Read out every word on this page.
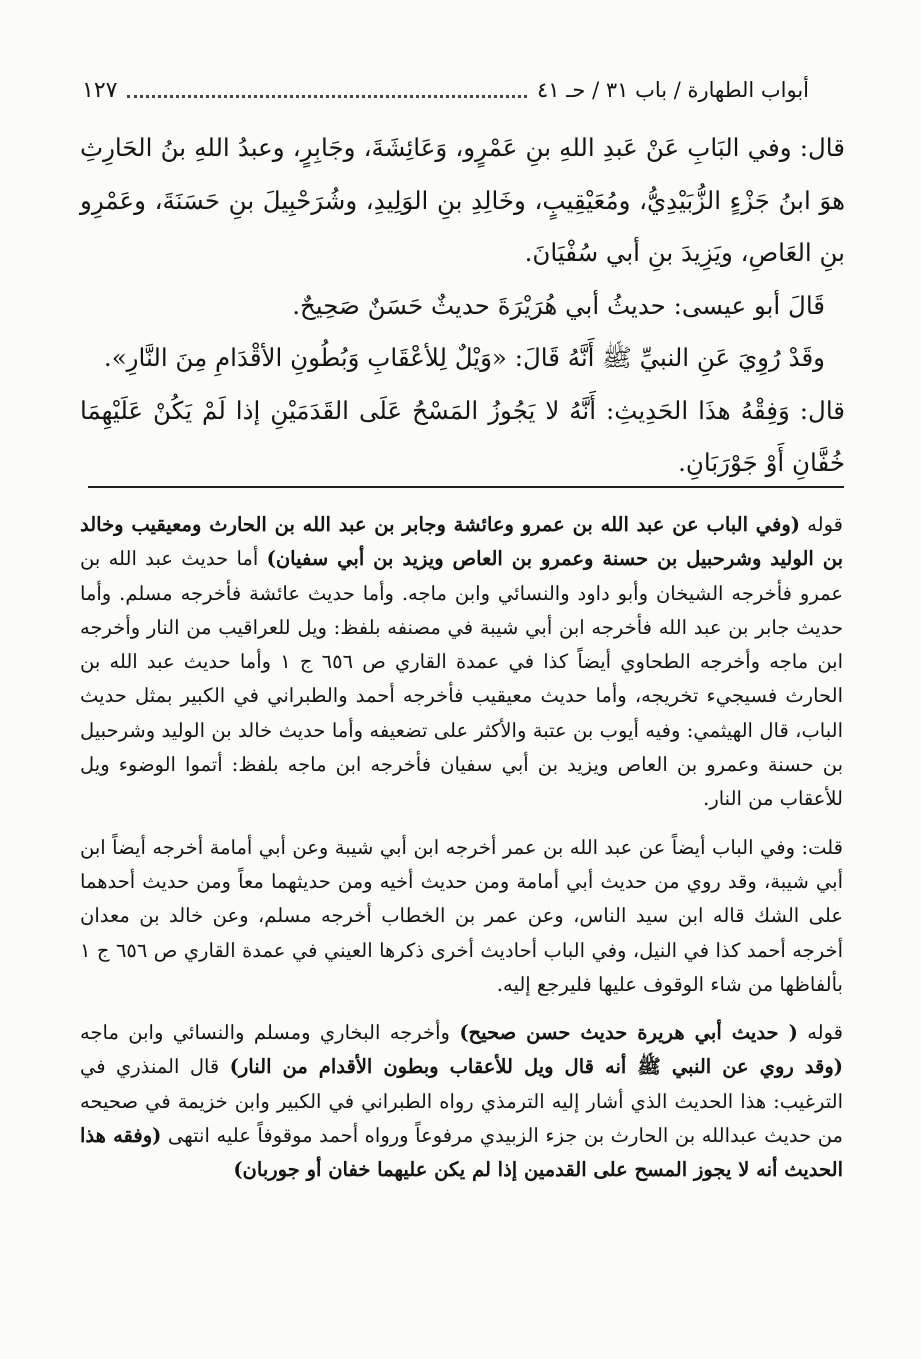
أبواب الطهارة / باب ٣١ / حـ ٤١
١٢٧

قال: وفي البَابِ عَنْ عَبدِ اللهِ بنِ عَمْرٍو، وَعَائِشَةَ، وجَابِرٍ، وعبدُ اللهِ بنُ الحَارِثِ هوَ ابنُ جَزْءٍ الزُّبَيْدِيُّ، ومُعَيْقِيبٍ، وخَالِدِ بنِ الوَلِيدِ، وشُرَحْبِيلَ بنِ حَسَنَةَ، وعَمْرِو بنِ العَاصِ، ويَزِيدَ بنِ أبي سُفْيَانَ.

قَالَ أبو عيسى: حديثُ أبي هُرَيْرَةَ حديثٌ حَسَنٌ صَحِيحٌ.

وقَدْ رُوِيَ عَنِ النبيِّ ﷺ أَنَّهُ قَالَ: «وَيْلٌ لِلأعْقَابِ وَبُطُونِ الأقْدَامِ مِنَ النَّارِ».

قال: وَفِقْهُ هذَا الحَدِيثِ: أَنَّهُ لا يَجُوزُ المَسْحُ عَلَى القَدَمَيْنِ إذا لَمْ يَكُنْ عَلَيْهِمَا خُفَّانِ أَوْ جَوْرَبَانِ.

قوله (وفي الباب عن عبد الله بن عمرو وعائشة وجابر بن عبد الله بن الحارث ومعيقيب وخالد بن الوليد وشرحبيل بن حسنة وعمرو بن العاص ويزيد بن أبي سفيان) أما حديث عبد الله بن عمرو فأخرجه الشيخان وأبو داود والنسائي وابن ماجه. وأما حديث عائشة فأخرجه مسلم. وأما حديث جابر بن عبد الله فأخرجه ابن أبي شيبة في مصنفه بلفظ: ويل للعراقيب من النار وأخرجه ابن ماجه وأخرجه الطحاوي أيضاً كذا في عمدة القاري ص ٦٥٦ ج ١ وأما حديث عبد الله بن الحارث فسيجيء تخريجه، وأما حديث معيقيب فأخرجه أحمد والطبراني في الكبير بمثل حديث الباب، قال الهيثمي: وفيه أيوب بن عتبة والأكثر على تضعيفه وأما حديث خالد بن الوليد وشرحبيل بن حسنة وعمرو بن العاص ويزيد بن أبي سفيان فأخرجه ابن ماجه بلفظ: أتموا الوضوء ويل للأعقاب من النار.

قلت: وفي الباب أيضاً عن عبد الله بن عمر أخرجه ابن أبي شيبة وعن أبي أمامة أخرجه أيضاً ابن أبي شيبة، وقد روي من حديث أبي أمامة ومن حديث أخيه ومن حديثهما معاً ومن حديث أحدهما على الشك قاله ابن سيد الناس، وعن عمر بن الخطاب أخرجه مسلم، وعن خالد بن معدان أخرجه أحمد كذا في النيل، وفي الباب أحاديث أخرى ذكرها العيني في عمدة القاري ص ٦٥٦ ج ١ بألفاظها من شاء الوقوف عليها فليرجع إليه.

قوله ( حديث أبي هريرة حديث حسن صحيح) وأخرجه البخاري ومسلم والنسائي وابن ماجه (وقد روي عن النبي ﷺ أنه قال ويل للأعقاب وبطون الأقدام من النار) قال المنذري في الترغيب: هذا الحديث الذي أشار إليه الترمذي رواه الطبراني في الكبير وابن خزيمة في صحيحه من حديث عبدالله بن الحارث بن جزء الزبيدي مرفوعاً ورواه أحمد موقوفاً عليه انتهى (وفقه هذا الحديث أنه لا يجوز المسح على القدمين إذا لم يكن عليهما خفان أو جوربان)
